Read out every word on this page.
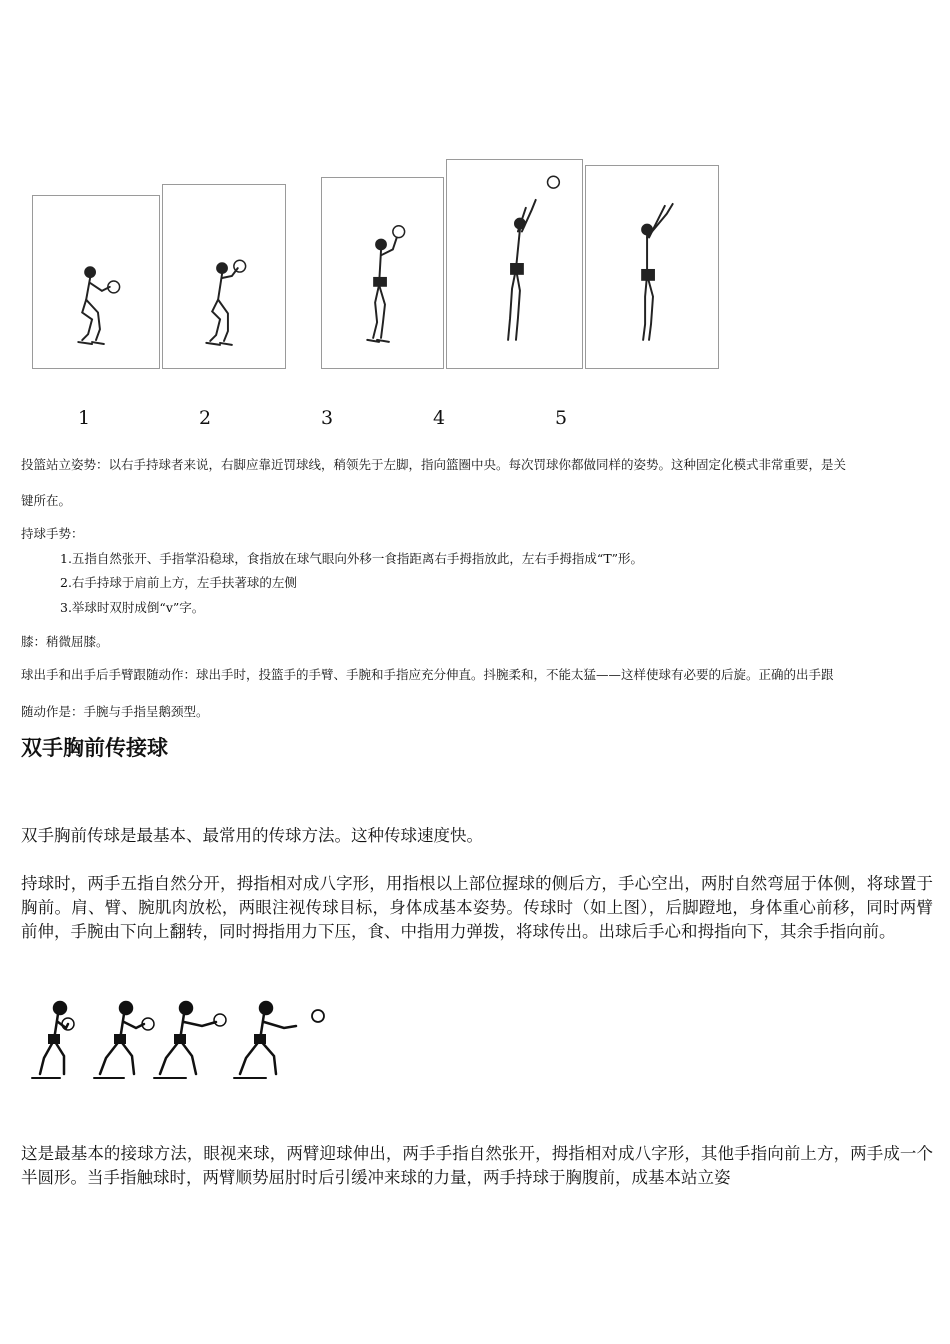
1	2	3	4	5
投篮站立姿势：以右手持球者来说，右脚应靠近罚球线，稍领先于左脚，指向篮圈中央。每次罚球你都做同样的姿势。这种固定化模式非常重要，是关
键所在。
持球手势：
1.五指自然张开、手指掌沿稳球，食指放在球气眼向外移一食指距离右手拇指放此，左右手拇指成“T”形。
2.右手持球于肩前上方，左手扶著球的左侧
3.举球时双肘成倒“v”字。
膝：稍微屈膝。
球出手和出手后手臂跟随动作：球出手时，投篮手的手臂、手腕和手指应充分伸直。抖腕柔和，不能太猛——这样使球有必要的后旋。正确的出手跟
随动作是：手腕与手指呈鹅颈型。
双手胸前传接球
双手胸前传球是最基本、最常用的传球方法。这种传球速度快。
持球时，两手五指自然分开，拇指相对成八字形，用指根以上部位握球的侧后方，手心空出，两肘自然弯屈于体侧，将球置于胸前。肩、臂、腕肌肉放松，两眼注视传球目标，身体成基本姿势。传球时（如上图），后脚蹬地，身体重心前移，同时两臂前伸，手腕由下向上翻转，同时拇指用力下压，食、中指用力弹拨，将球传出。出球后手心和拇指向下，其余手指向前。
这是最基本的接球方法，眼视来球，两臂迎球伸出，两手手指自然张开，拇指相对成八字形，其他手指向前上方，两手成一个半圆形。当手指触球时，两臂顺势屈肘时后引缓冲来球的力量，两手持球于胸腹前，成基本站立姿
